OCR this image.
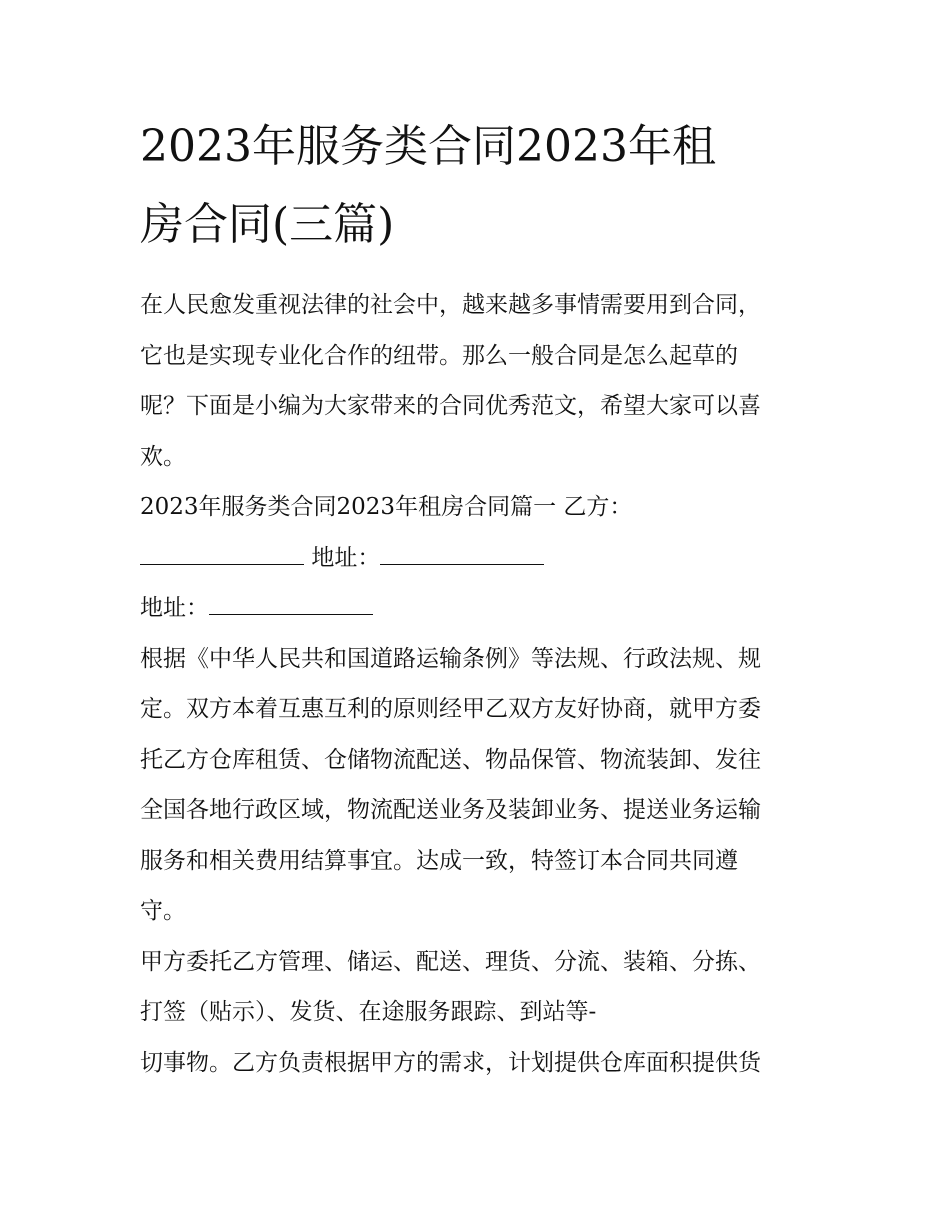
2023年服务类合同2023年租
房合同(三篇)

在人民愈发重视法律的社会中，越来越多事情需要用到合同，
它也是实现专业化合作的纽带。那么一般合同是怎么起草的
呢？下面是小编为大家带来的合同优秀范文，希望大家可以喜
欢。

2023年服务类合同2023年租房合同篇一 乙方：

地址：
地址：

根据《中华人民共和国道路运输条例》等法规、行政法规、规
定。双方本着互惠互利的原则经甲乙双方友好协商，就甲方委
托乙方仓库租赁、仓储物流配送、物品保管、物流装卸、发往
全国各地行政区域，物流配送业务及装卸业务、提送业务运输
服务和相关费用结算事宜。达成一致，特签订本合同共同遵
守。

甲方委托乙方管理、储运、配送、理货、分流、装箱、分拣、
打签（贴示）、发货、在途服务跟踪、到站等-
切事物。乙方负责根据甲方的需求，计划提供仓库面积提供货
